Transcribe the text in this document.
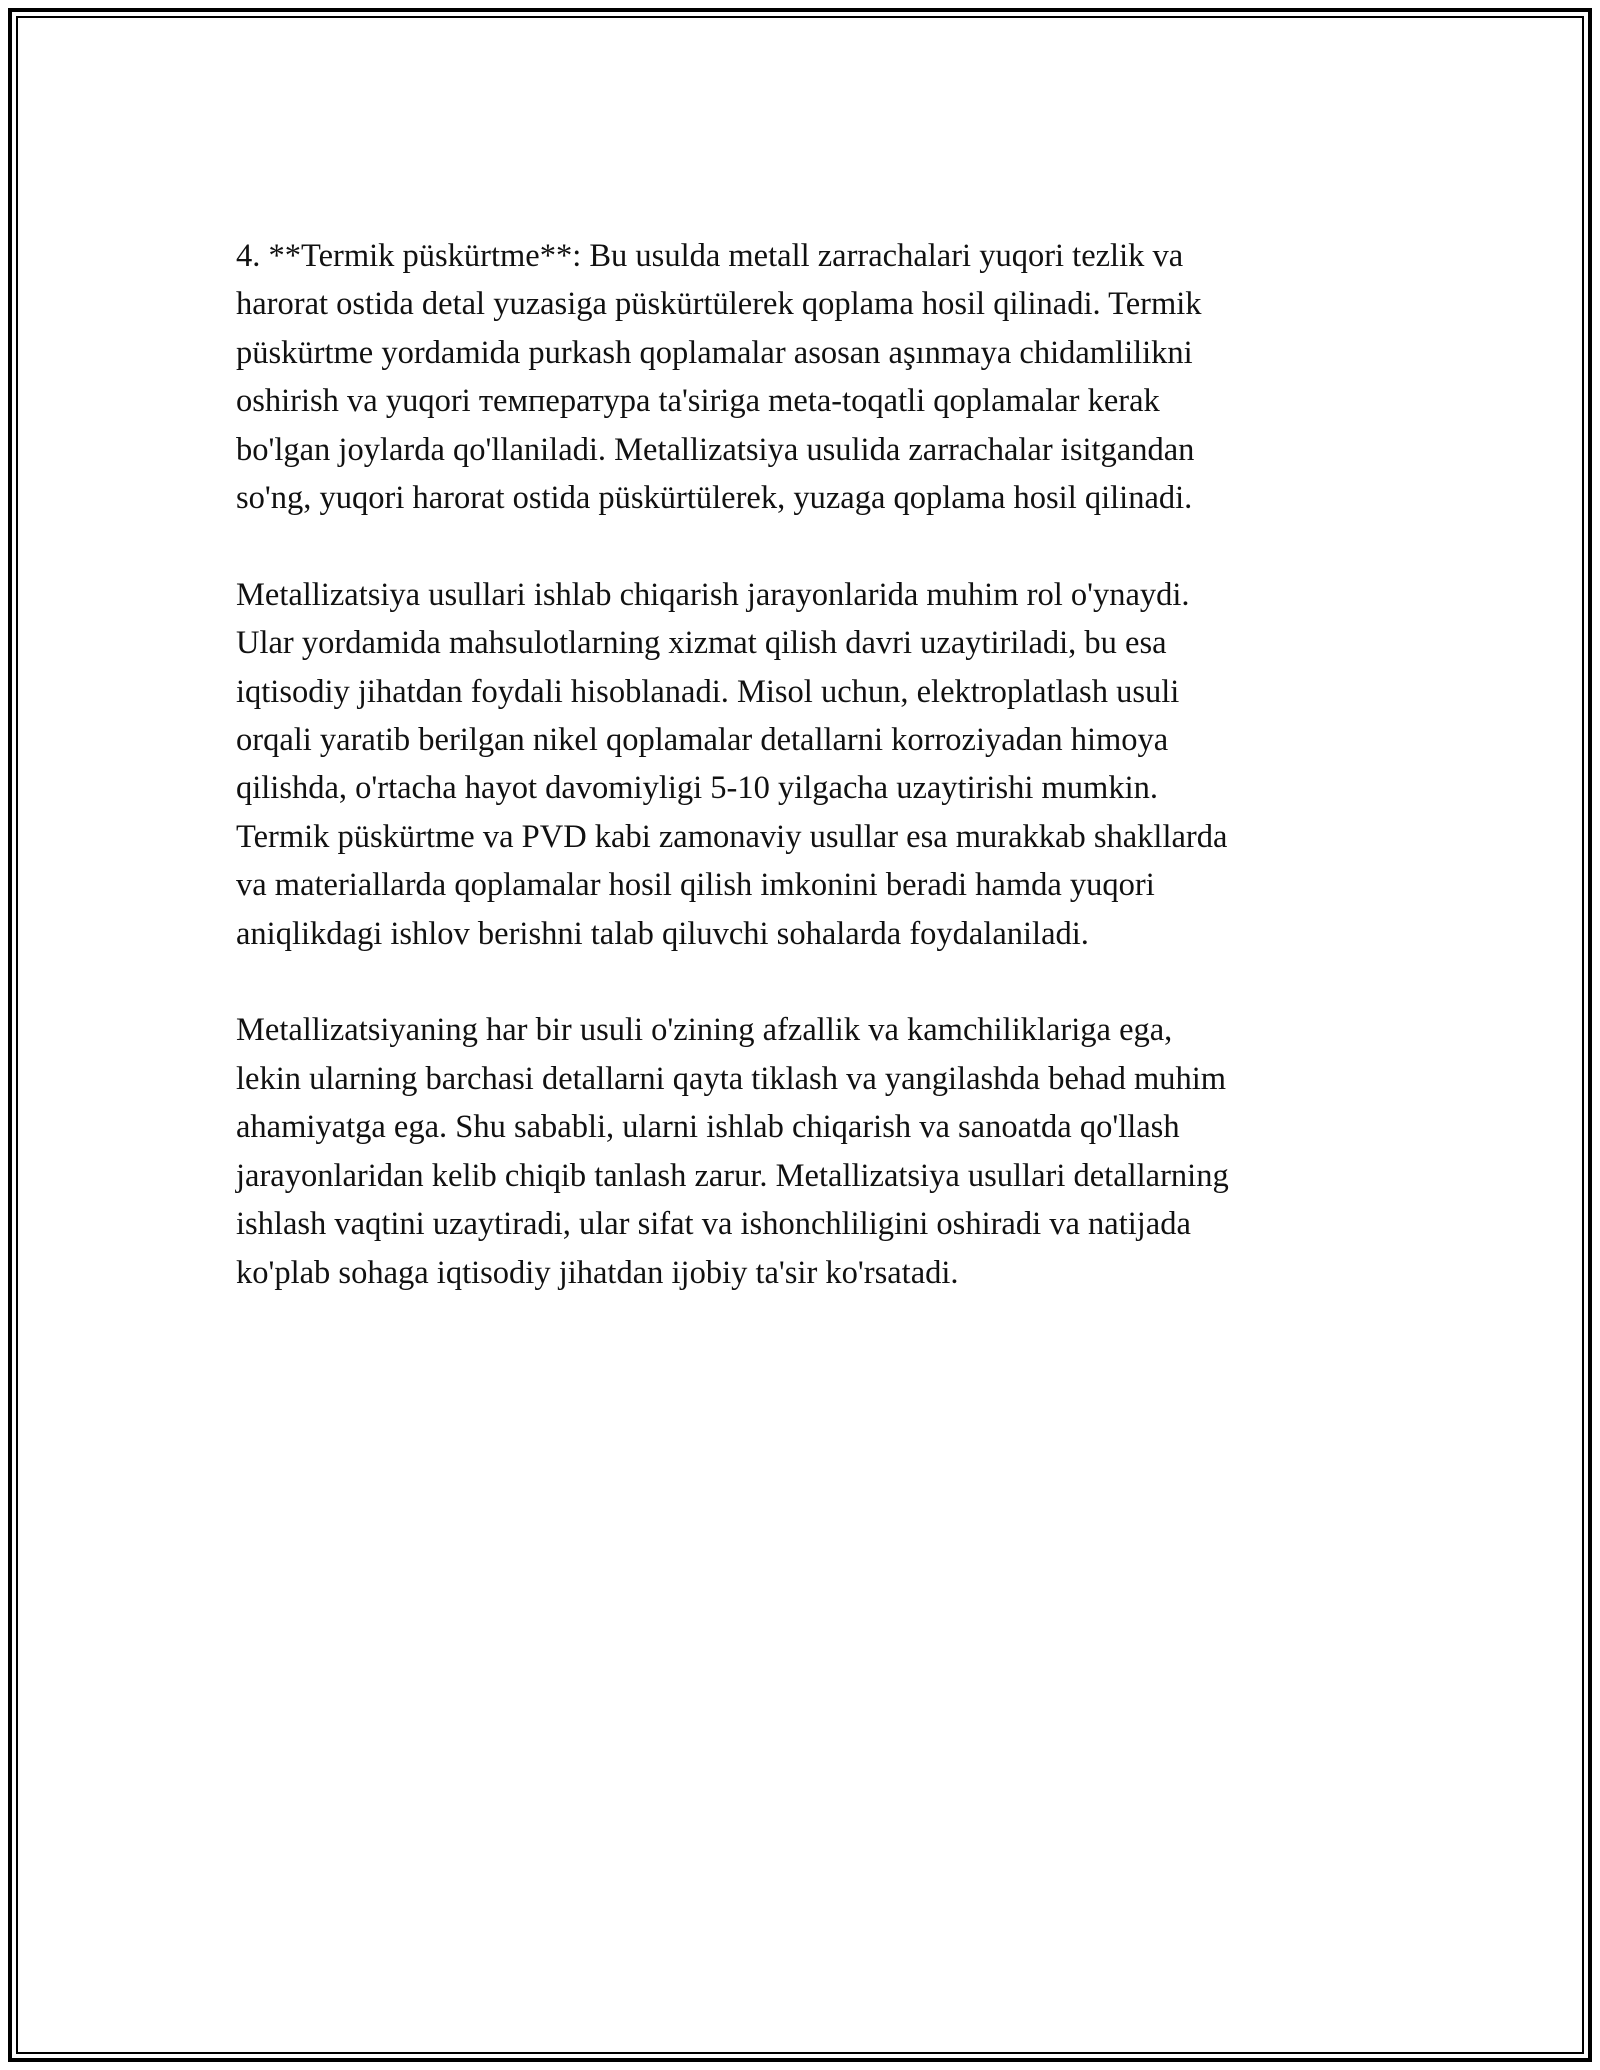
4. **Termik püskürtme**: Bu usulda metall zarrachalari yuqori tezlik va
harorat ostida detal yuzasiga püskürtülerek qoplama hosil qilinadi. Termik
püskürtme yordamida purkash qoplamalar asosan aşınmaya chidamlilikni
oshirish va yuqori температура ta'siriga meta-toqatli qoplamalar kerak
bo'lgan joylarda qo'llaniladi. Metallizatsiya usulida zarrachalar isitgandan
so'ng, yuqori harorat ostida püskürtülerek, yuzaga qoplama hosil qilinadi.

Metallizatsiya usullari ishlab chiqarish jarayonlarida muhim rol o'ynaydi.
Ular yordamida mahsulotlarning xizmat qilish davri uzaytiriladi, bu esa
iqtisodiy jihatdan foydali hisoblanadi. Misol uchun, elektroplatlash usuli
orqali yaratib berilgan nikel qoplamalar detallarni korroziyadan himoya
qilishda, o'rtacha hayot davomiyligi 5-10 yilgacha uzaytirishi mumkin.
Termik püskürtme va PVD kabi zamonaviy usullar esa murakkab shakllarda
va materiallarda qoplamalar hosil qilish imkonini beradi hamda yuqori
aniqlikdagi ishlov berishni talab qiluvchi sohalarda foydalaniladi.

Metallizatsiyaning har bir usuli o'zining afzallik va kamchiliklariga ega,
lekin ularning barchasi detallarni qayta tiklash va yangilashda behad muhim
ahamiyatga ega. Shu sababli, ularni ishlab chiqarish va sanoatda qo'llash
jarayonlaridan kelib chiqib tanlash zarur. Metallizatsiya usullari detallarning
ishlash vaqtini uzaytiradi, ular sifat va ishonchliligini oshiradi va natijada
ko'plab sohaga iqtisodiy jihatdan ijobiy ta'sir ko'rsatadi.
